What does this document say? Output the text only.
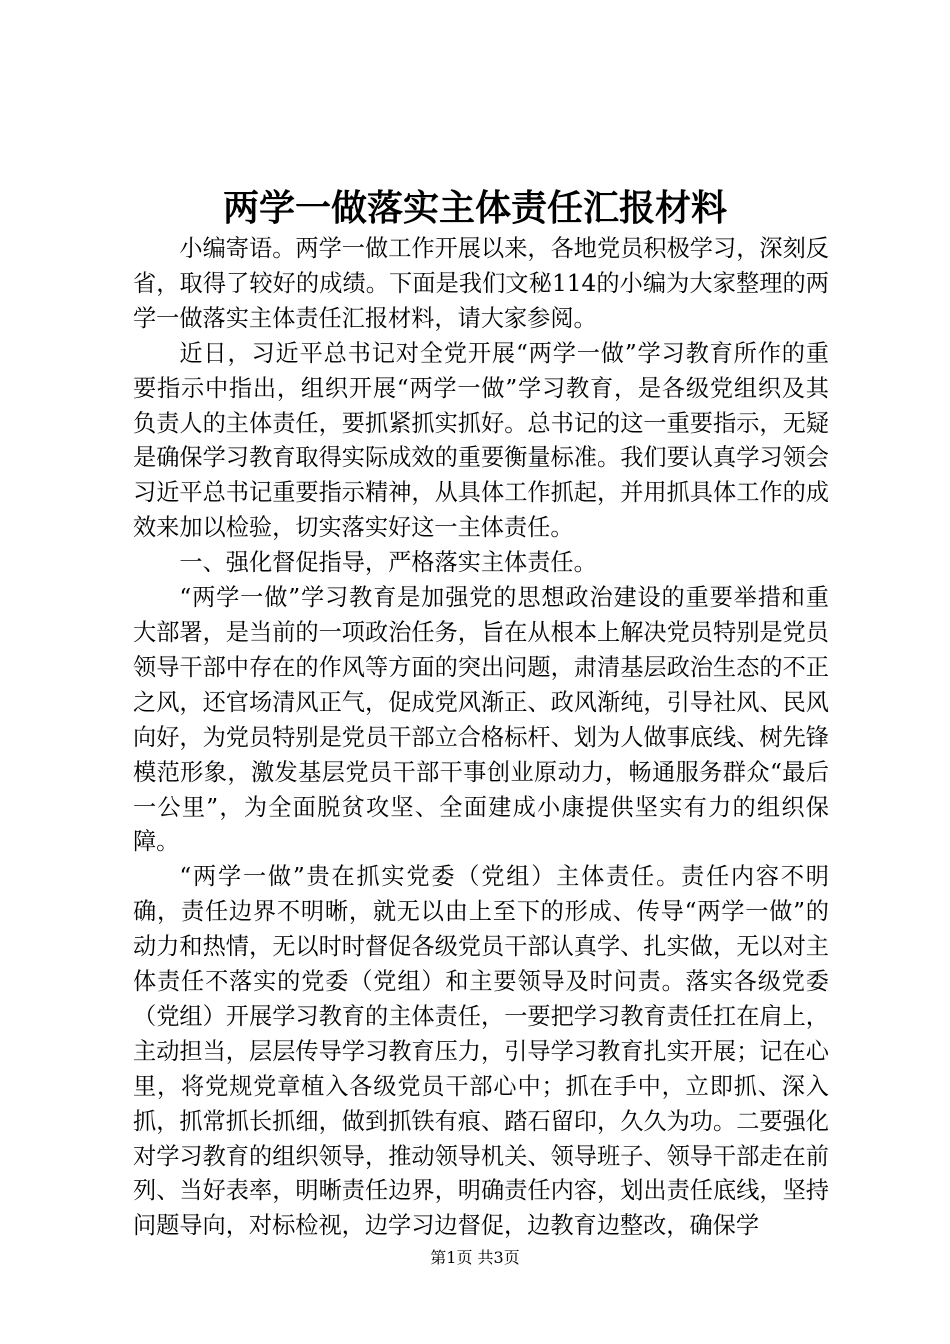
两学一做落实主体责任汇报材料

小编寄语。两学一做工作开展以来，各地党员积极学习，深刻反省，取得了较好的成绩。下面是我们文秘114的小编为大家整理的两学一做落实主体责任汇报材料，请大家参阅。

近日，习近平总书记对全党开展“两学一做”学习教育所作的重要指示中指出，组织开展“两学一做”学习教育，是各级党组织及其负责人的主体责任，要抓紧抓实抓好。总书记的这一重要指示，无疑是确保学习教育取得实际成效的重要衡量标准。我们要认真学习领会习近平总书记重要指示精神，从具体工作抓起，并用抓具体工作的成效来加以检验，切实落实好这一主体责任。

一、强化督促指导，严格落实主体责任。

“两学一做”学习教育是加强党的思想政治建设的重要举措和重大部署，是当前的一项政治任务，旨在从根本上解决党员特别是党员领导干部中存在的作风等方面的突出问题，肃清基层政治生态的不正之风，还官场清风正气，促成党风渐正、政风渐纯，引导社风、民风向好，为党员特别是党员干部立合格标杆、划为人做事底线、树先锋模范形象，激发基层党员干部干事创业原动力，畅通服务群众“最后一公里”，为全面脱贫攻坚、全面建成小康提供坚实有力的组织保障。

“两学一做”贵在抓实党委（党组）主体责任。责任内容不明确，责任边界不明晰，就无以由上至下的形成、传导“两学一做”的动力和热情，无以时时督促各级党员干部认真学、扎实做，无以对主体责任不落实的党委（党组）和主要领导及时问责。落实各级党委（党组）开展学习教育的主体责任，一要把学习教育责任扛在肩上，主动担当，层层传导学习教育压力，引导学习教育扎实开展；记在心里，将党规党章植入各级党员干部心中；抓在手中，立即抓、深入抓，抓常抓长抓细，做到抓铁有痕、踏石留印，久久为功。二要强化对学习教育的组织领导，推动领导机关、领导班子、领导干部走在前列、当好表率，明晰责任边界，明确责任内容，划出责任底线，坚持问题导向，对标检视，边学习边督促，边教育边整改，确保学

第1页 共3页
